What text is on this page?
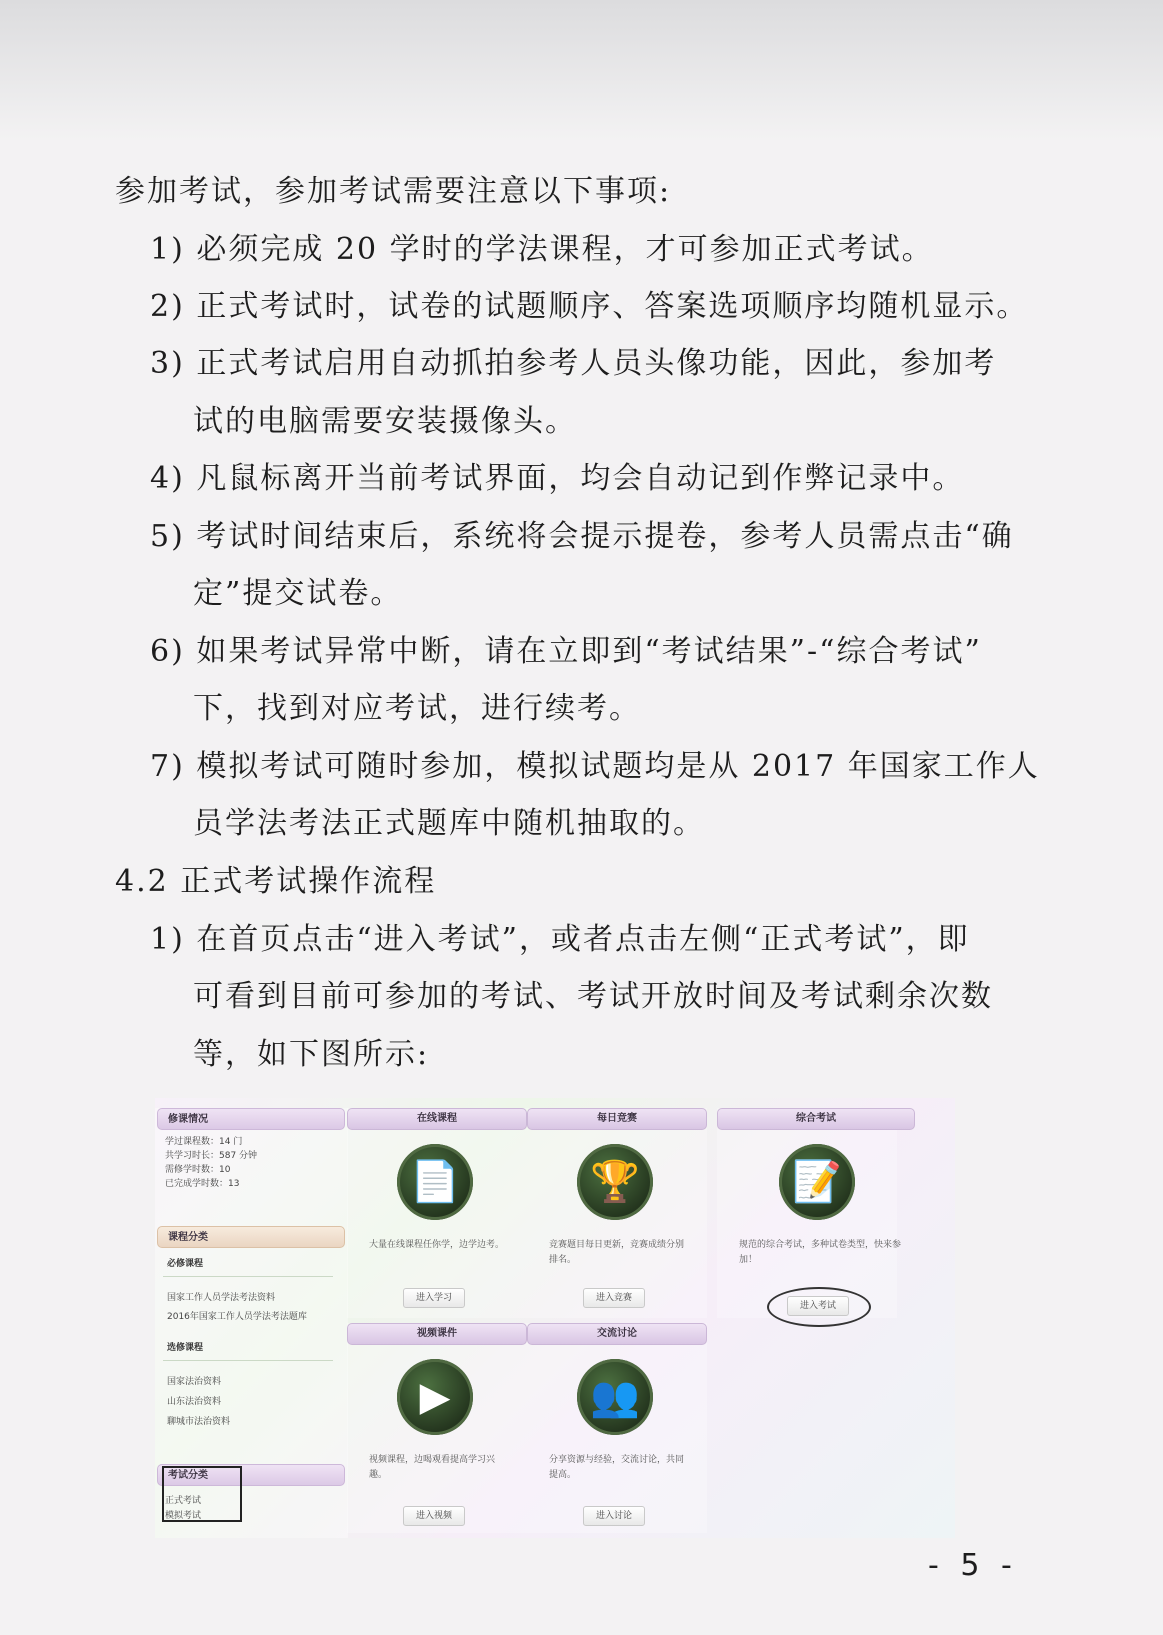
参加考试，参加考试需要注意以下事项:
1) 必须完成 20 学时的学法课程，才可参加正式考试。
2) 正式考试时，试卷的试题顺序、答案选项顺序均随机显示。
3) 正式考试启用自动抓拍参考人员头像功能，因此，参加考
试的电脑需要安装摄像头。
4) 凡鼠标离开当前考试界面，均会自动记到作弊记录中。
5) 考试时间结束后，系统将会提示提卷，参考人员需点击“确
定”提交试卷。
6) 如果考试异常中断，请在立即到“考试结果”-“综合考试”
下，找到对应考试，进行续考。
7) 模拟考试可随时参加，模拟试题均是从 2017 年国家工作人
员学法考法正式题库中随机抽取的。
4.2 正式考试操作流程
1) 在首页点击“进入考试”，或者点击左侧“正式考试”，即
可看到目前可参加的考试、考试开放时间及考试剩余次数
等，如下图所示:
修课情况
学过课程数：14 门
共学习时长：587 分钟
需修学时数：10
已完成学时数：13
课程分类
必修课程
国家工作人员学法考法资料
2016年国家工作人员学法考法题库
选修课程
国家法治资料
山东法治资料
聊城市法治资料
考试分类
正式考试
模拟考试
在线课程
📄
大量在线课程任你学，边学边考。
进入学习
每日竞赛
🏆
竞赛题目每日更新，竞赛成绩分别排名。
进入竞赛
综合考试
📝
规范的综合考试，多种试卷类型，快来参加！
进入考试
视频课件
▶
视频课程，边喝观看提高学习兴趣。
进入视频
交流讨论
👥
分享资源与经验，交流讨论，共同提高。
进入讨论
- 5 -
